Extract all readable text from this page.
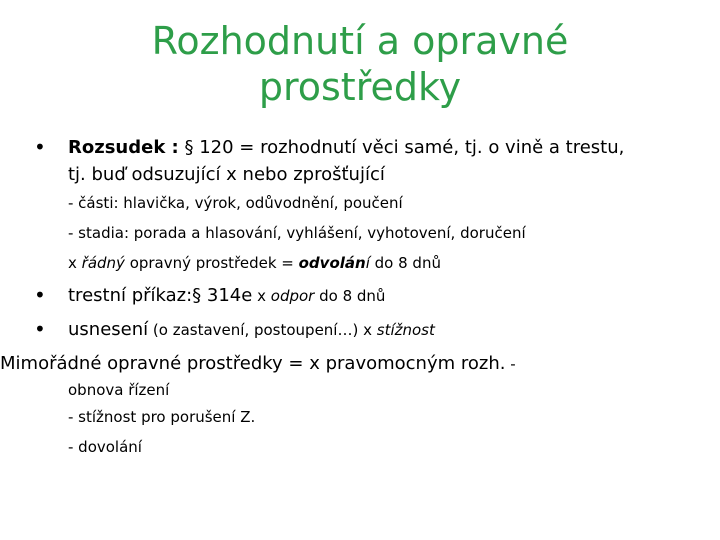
Rozhodnutí a opravné
prostředky
• Rozsudek : § 120 = rozhodnutí věci samé, tj. o vině a trestu,
tj. buď odsuzující x nebo zprošťující
- části: hlavička, výrok, odůvodnění, poučení
- stadia: porada a hlasování, vyhlášení, vyhotovení, doručení
x řádný opravný prostředek = odvolání do 8 dnů
• trestní příkaz:§ 314e x odpor do 8 dnů
• usnesení (o zastavení, postoupení…) x stížnost
Mimořádné opravné prostředky = x pravomocným rozh. -
obnova řízení
- stížnost pro porušení Z.
- dovolání
